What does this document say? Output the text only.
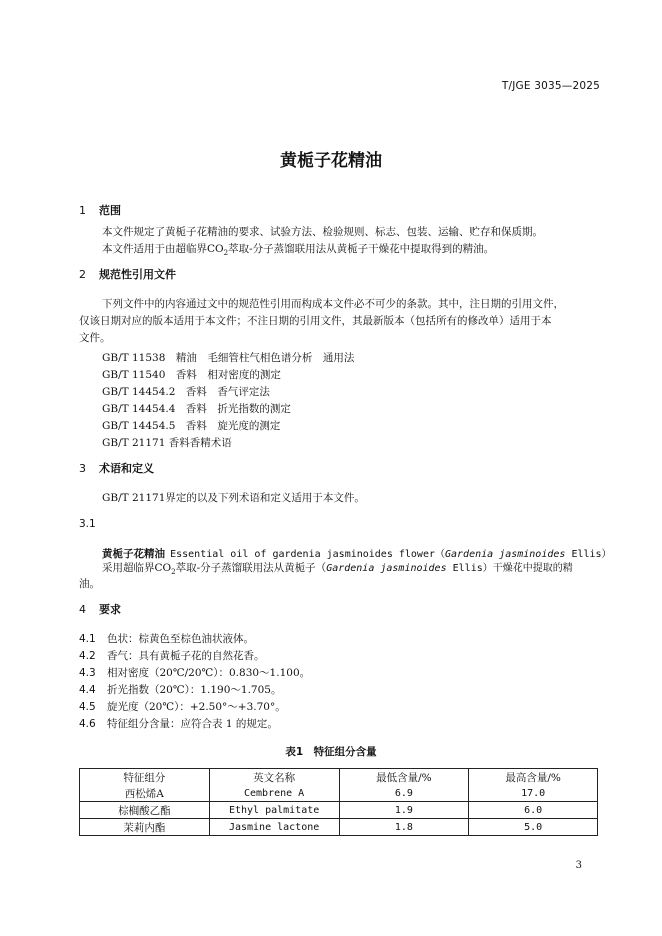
T/JGE 3035—2025
黄栀子花精油
1 范围
本文件规定了黄栀子花精油的要求、试验方法、检验规则、标志、包装、运输、贮存和保质期。
本文件适用于由超临界$CO_2$萃取-分子蒸馏联用法从黄栀子干燥花中提取得到的精油。
2 规范性引用文件
下列文件中的内容通过文中的规范性引用而构成本文件必不可少的条款。其中，注日期的引用文件，
仅该日期对应的版本适用于本文件；不注日期的引用文件，其最新版本（包括所有的修改单）适用于本
文件。
GB/T 11538　 精油　毛细管柱气相色谱分析　通用法
GB/T 11540　 香料　相对密度的测定
GB/T 14454.2　 香料　香气评定法
GB/T 14454.4　 香料　折光指数的测定
GB/T 14454.5　 香料　旋光度的测定
GB/T 21171 香料香精术语
3 术语和定义
GB/T 21171界定的以及下列术语和定义适用于本文件。
3.1
黄栀子花精油 Essential oil of gardenia jasminoides flower（Gardenia jasminoides Ellis）
采用超临界$CO_2$萃取-分子蒸馏联用法从黄栀子（Gardenia jasminoides Ellis）干燥花中提取的精
油。
4 要求
4.1 色状：棕黄色至棕色油状液体。
4.2 香气：具有黄栀子花的自然花香。
4.3 相对密度（20℃/20℃）：0.830～1.100。
4.4 折光指数（20℃）：1.190～1.705。
4.5 旋光度（20℃）：+2.50°～+3.70°。
4.6 特征组分含量：应符合表 1 的规定。
表1　特征组分含量
特征组分	英文名称	最低含量/%	最高含量/%
西松烯A	Cembrene A	6.9	17.0
棕榈酸乙酯	Ethyl palmitate	1.9	6.0
茉莉内酯	Jasmine lactone	1.8	5.0
3
